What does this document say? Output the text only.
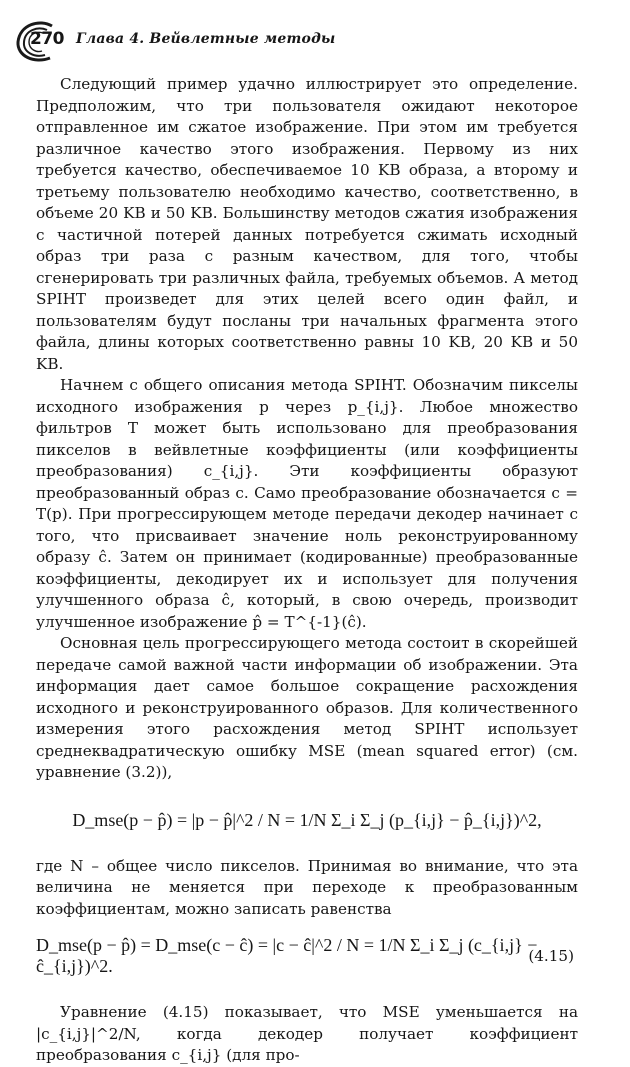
270 Глава 4. Вейвлетные методы

Следующий пример удачно иллюстрирует это определение. Предположим, что три пользователя ожидают некоторое отправленное им сжатое изображение. При этом им требуется различное качество этого изображения. Первому из них требуется качество, обеспечиваемое 10 KB образа, а второму и третьему пользователю необходимо качество, соответственно, в объеме 20 KB и 50 KB. Большинству методов сжатия изображения с частичной потерей данных потребуется сжимать исходный образ три раза с разным качеством, для того, чтобы сгенерировать три различных файла, требуемых объемов. А метод SPIHT произведет для этих целей всего один файл, и пользователям будут посланы три начальных фрагмента этого файла, длины которых соответственно равны 10 KB, 20 KB и 50 KB.

Начнем с общего описания метода SPIHT. Обозначим пикселы исходного изображения p через p_{i,j}. Любое множество фильтров T может быть использовано для преобразования пикселов в вейвлетные коэффициенты (или коэффициенты преобразования) c_{i,j}. Эти коэффициенты образуют преобразованный образ c. Само преобразование обозначается c = T(p). При прогрессирующем методе передачи декодер начинает с того, что присваивает значение ноль реконструированному образу ĉ. Затем он принимает (кодированные) преобразованные коэффициенты, декодирует их и использует для получения улучшенного образа ĉ, который, в свою очередь, производит улучшенное изображение p̂ = T^{-1}(ĉ).

Основная цель прогрессирующего метода состоит в скорейшей передаче самой важной части информации об изображении. Эта информация дает самое большое сокращение расхождения исходного и реконструированного образов. Для количественного измерения этого расхождения метод SPIHT использует среднеквадратическую ошибку MSE (mean squared error) (см. уравнение (3.2)),

D_mse(p − p̂) = |p − p̂|^2 / N = 1/N Σ_i Σ_j (p_{i,j} − p̂_{i,j})^2,

где N – общее число пикселов. Принимая во внимание, что эта величина не меняется при переходе к преобразованным коэффициентам, можно записать равенства

D_mse(p − p̂) = D_mse(c − ĉ) = |c − ĉ|^2 / N = 1/N Σ_i Σ_j (c_{i,j} − ĉ_{i,j})^2.	(4.15)

Уравнение (4.15) показывает, что MSE уменьшается на |c_{i,j}|^2/N, когда декодер получает коэффициент преобразования c_{i,j} (для про-
